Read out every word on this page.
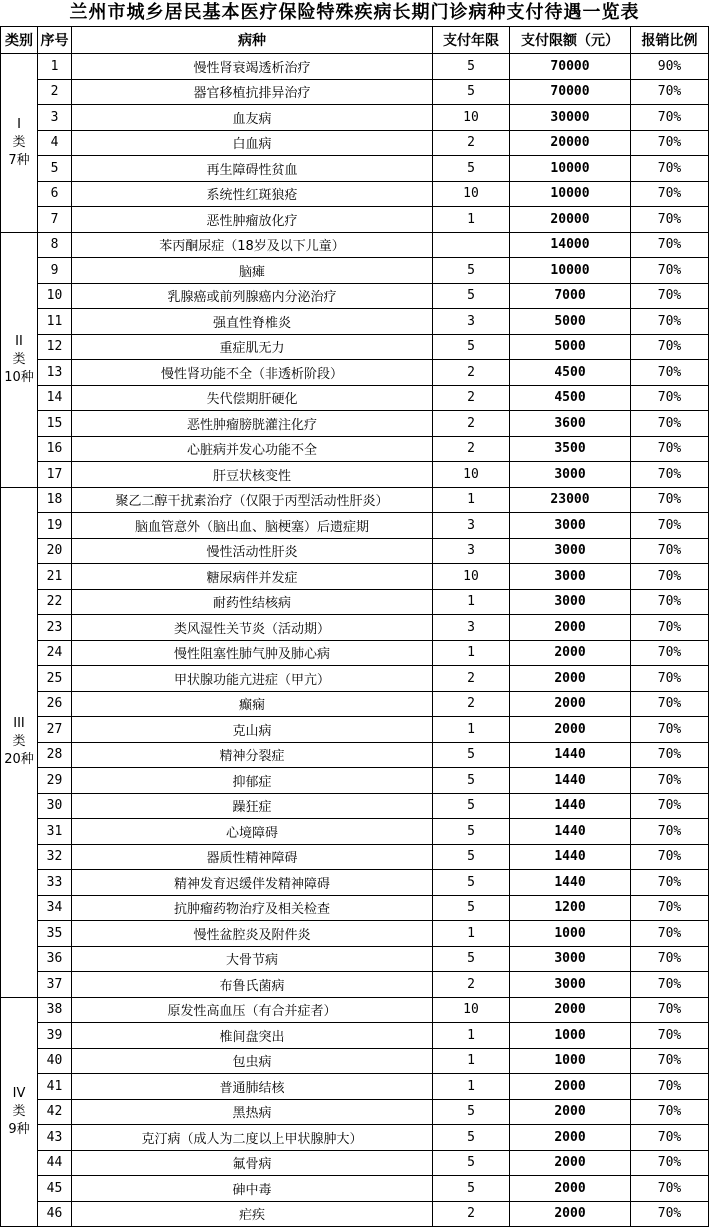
兰州市城乡居民基本医疗保险特殊疾病长期门诊病种支付待遇一览表
类别	序号	病种	支付年限	支付限额（元）	报销比例

I
类
7种	1	慢性肾衰竭透析治疗	5	70000	90%
	2	器官移植抗排异治疗	5	70000	70%
	3	血友病	10	30000	70%
	4	白血病	2	20000	70%
	5	再生障碍性贫血	5	10000	70%
	6	系统性红斑狼疮	10	10000	70%
	7	恶性肿瘤放化疗	1	20000	70%

II
类
10种	8	苯丙酮尿症（18岁及以下儿童）		14000	70%
	9	脑瘫	5	10000	70%
	10	乳腺癌或前列腺癌内分泌治疗	5	7000	70%
	11	强直性脊椎炎	3	5000	70%
	12	重症肌无力	5	5000	70%
	13	慢性肾功能不全（非透析阶段）	2	4500	70%
	14	失代偿期肝硬化	2	4500	70%
	15	恶性肿瘤膀胱灌注化疗	2	3600	70%
	16	心脏病并发心功能不全	2	3500	70%
	17	肝豆状核变性	10	3000	70%

III
类
20种	18	聚乙二醇干扰素治疗（仅限于丙型活动性肝炎）	1	23000	70%
	19	脑血管意外（脑出血、脑梗塞）后遗症期	3	3000	70%
	20	慢性活动性肝炎	3	3000	70%
	21	糖尿病伴并发症	10	3000	70%
	22	耐药性结核病	1	3000	70%
	23	类风湿性关节炎（活动期）	3	2000	70%
	24	慢性阻塞性肺气肿及肺心病	1	2000	70%
	25	甲状腺功能亢进症（甲亢）	2	2000	70%
	26	癫痫	2	2000	70%
	27	克山病	1	2000	70%
	28	精神分裂症	5	1440	70%
	29	抑郁症	5	1440	70%
	30	躁狂症	5	1440	70%
	31	心境障碍	5	1440	70%
	32	器质性精神障碍	5	1440	70%
	33	精神发育迟缓伴发精神障碍	5	1440	70%
	34	抗肿瘤药物治疗及相关检查	5	1200	70%
	35	慢性盆腔炎及附件炎	1	1000	70%
	36	大骨节病	5	3000	70%
	37	布鲁氏菌病	2	3000	70%

IV
类
9种	38	原发性高血压（有合并症者）	10	2000	70%
	39	椎间盘突出	1	1000	70%
	40	包虫病	1	1000	70%
	41	普通肺结核	1	2000	70%
	42	黑热病	5	2000	70%
	43	克汀病（成人为二度以上甲状腺肿大）	5	2000	70%
	44	氟骨病	5	2000	70%
	45	砷中毒	5	2000	70%
	46	疟疾	2	2000	70%
